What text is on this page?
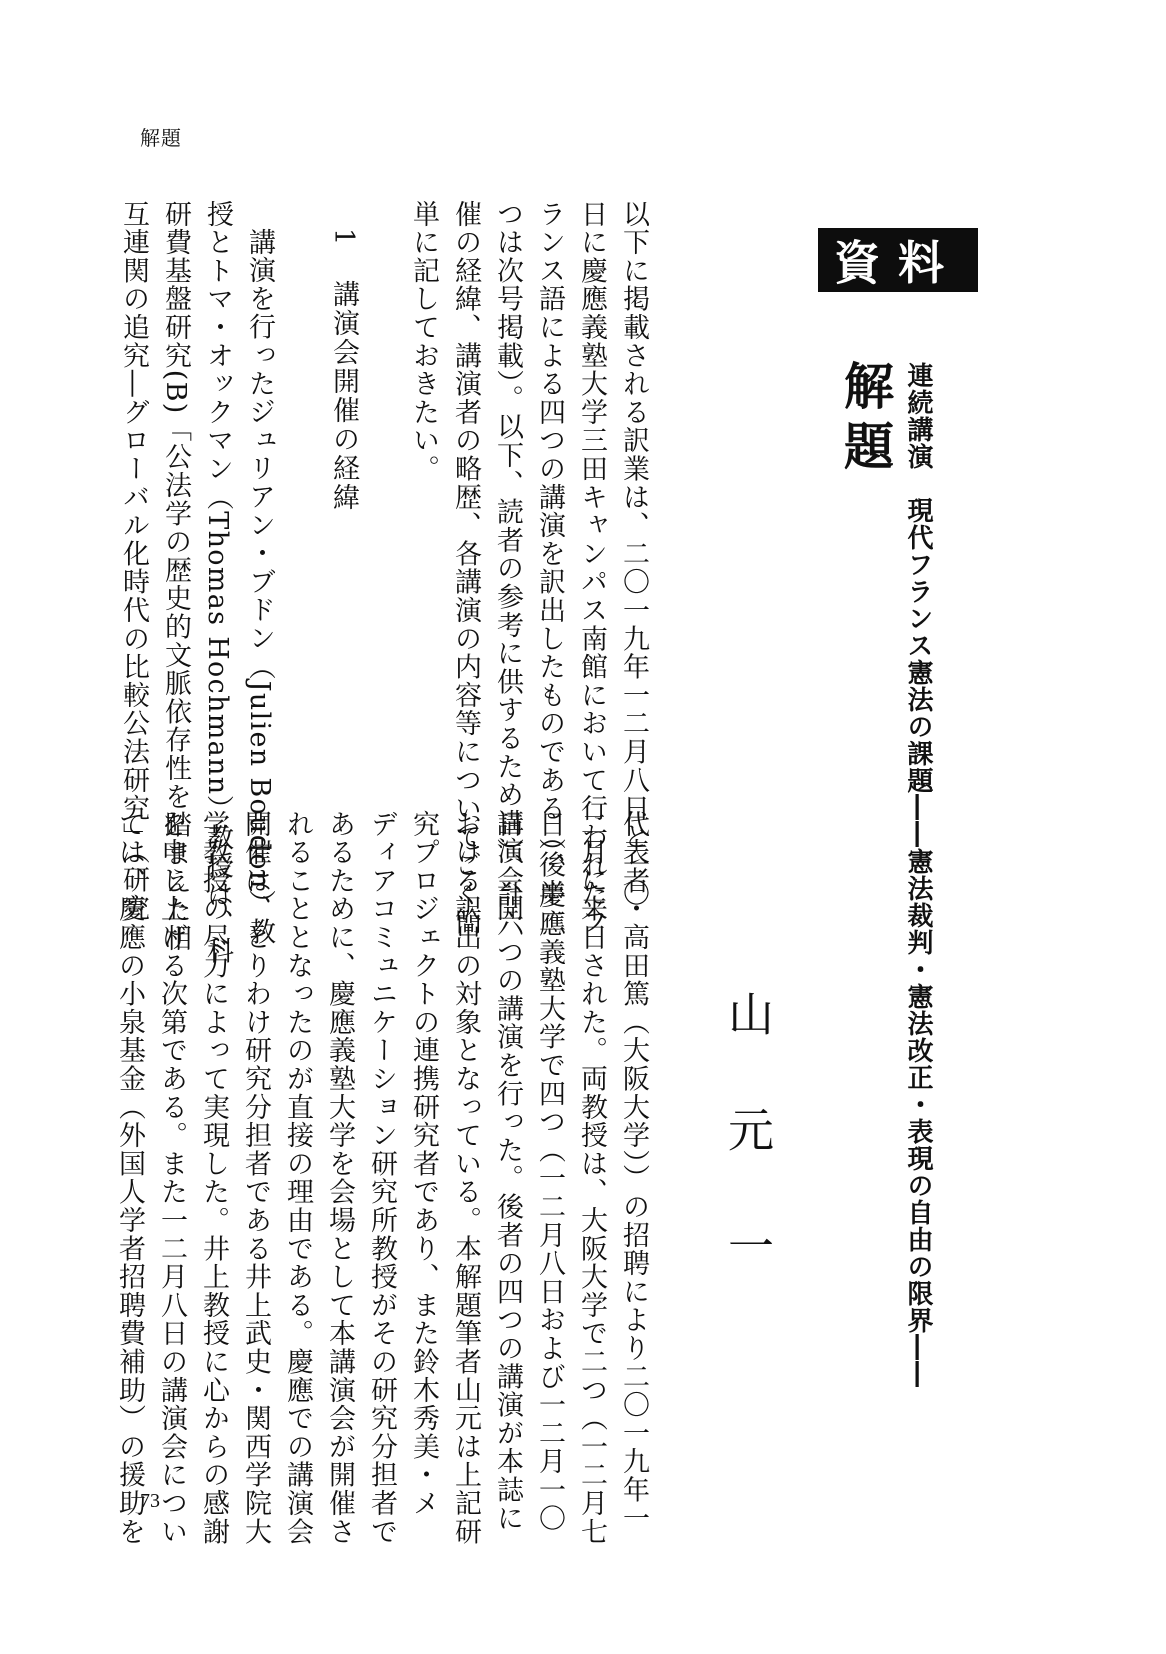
解題
73
資料
連続講演　現代フランス憲法の課題――憲法裁判・憲法改正・表現の自由の限界――
解題
山元一
以下に掲載される訳業は、二〇一九年一二月八日と一〇
日に慶應義塾大学三田キャンパス南館において行われたフ
ランス語による四つの講演を訳出したものである（後半二
つは次号掲載）。以下、読者の参考に供するため講演会開
催の経緯、講演者の略歴、各講演の内容等についてごく簡
単に記しておきたい。
1
講演会開催の経緯
講演を行ったジュリアン・ブドン（Julien Boudon）教
授とトマ・オックマン（Thomas Hochmann）教授は、科
研費基盤研究(B)「公法学の歴史的文脈依存性を踏まえた相
互連関の追究―グローバル化時代の比較公法研究」（研究
代表者・高田篤（大阪大学））の招聘により二〇一九年一
二月に来日された。両教授は、大阪大学で二つ（一二月七
日）、慶應義塾大学で四つ（一二月八日および一二月一〇
日）、計六つの講演を行った。後者の四つの講演が本誌に
おける訳出の対象となっている。本解題筆者山元は上記研
究プロジェクトの連携研究者であり、また鈴木秀美・メ
ディアコミュニケーション研究所教授がその研究分担者で
あるために、慶應義塾大学を会場として本講演会が開催さ
れることとなったのが直接の理由である。慶應での講演会
開催は、とりわけ研究分担者である井上武史・関西学院大
学教授の尽力によって実現した。井上教授に心からの感謝
を申し上げる次第である。また一二月八日の講演会につい
ては、慶應の小泉基金（外国人学者招聘費補助）の援助を
